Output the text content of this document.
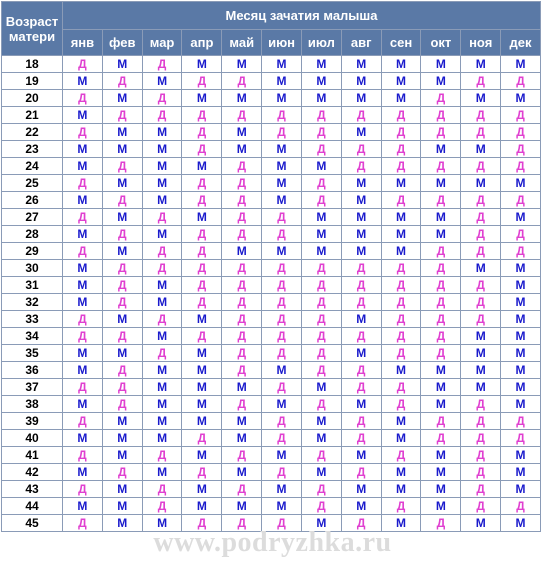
Возраст матери	Месяц зачатия малыша											
	янв	фев	мар	апр	май	июн	июл	авг	сен	окт	ноя	дек
18	Д	М	Д	М	М	М	М	М	М	М	М	М
19	М	Д	М	Д	Д	М	М	М	М	М	Д	Д
20	Д	М	Д	М	М	М	М	М	М	Д	М	М
21	М	Д	Д	Д	Д	Д	Д	Д	Д	Д	Д	Д
22	Д	М	М	Д	М	Д	Д	М	Д	Д	Д	Д
23	М	М	М	Д	М	М	Д	Д	Д	М	М	Д
24	М	Д	М	М	Д	М	М	Д	Д	Д	Д	Д
25	Д	М	М	Д	Д	М	Д	М	М	М	М	М
26	М	Д	М	Д	Д	М	Д	М	Д	Д	Д	Д
27	Д	М	Д	М	Д	Д	М	М	М	М	Д	М
28	М	Д	М	Д	Д	Д	М	М	М	М	Д	Д
29	Д	М	Д	Д	М	М	М	М	М	Д	Д	Д
30	М	Д	Д	Д	Д	Д	Д	Д	Д	Д	М	М
31	М	Д	М	Д	Д	Д	Д	Д	Д	Д	Д	М
32	М	Д	М	Д	Д	Д	Д	Д	Д	Д	Д	М
33	Д	М	Д	М	Д	Д	Д	М	Д	Д	Д	М
34	Д	Д	М	Д	Д	Д	Д	Д	Д	Д	М	М
35	М	М	Д	М	Д	Д	Д	М	Д	Д	М	М
36	М	Д	М	М	Д	М	Д	Д	М	М	М	М
37	Д	Д	М	М	М	Д	М	Д	Д	М	М	М
38	М	Д	М	М	Д	М	Д	М	Д	М	Д	М
39	Д	М	М	М	М	Д	М	Д	М	Д	Д	Д
40	М	М	М	Д	М	Д	М	Д	М	Д	Д	Д
41	Д	М	Д	М	Д	М	Д	М	Д	М	Д	М
42	М	Д	М	Д	М	Д	М	Д	М	М	Д	М
43	Д	М	Д	М	Д	М	Д	М	М	М	Д	М
44	М	М	Д	М	М	М	Д	М	Д	М	Д	Д
45	Д	М	М	Д	Д	Д	М	Д	М	Д	М	М
www.podryzhka.ru
